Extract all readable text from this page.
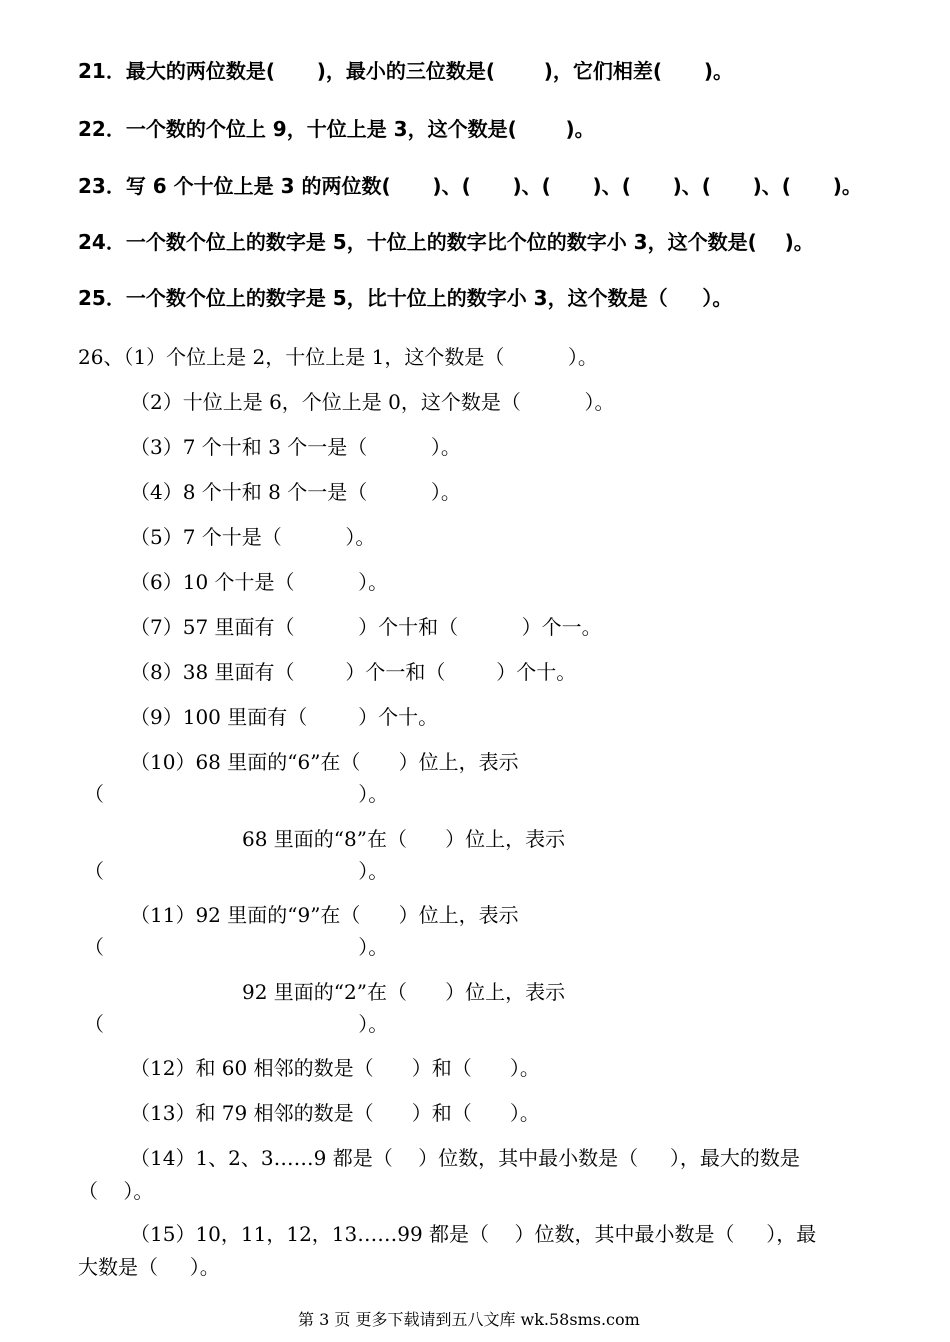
21．最大的两位数是(      )，最小的三位数是(       )，它们相差(      )。
22．一个数的个位上 9，十位上是 3，这个数是(       )。
23．写 6 个十位上是 3 的两位数(      )、(      )、(      )、(      )、(      )、(      )。
24．一个数个位上的数字是 5，十位上的数字比个位的数字小 3，这个数是(    )。
25．一个数个位上的数字是 5，比十位上的数字小 3，这个数是（     ）。
26、（1）个位上是 2，十位上是 1，这个数是（          ）。
（2）十位上是 6，个位上是 0，这个数是（          ）。
（3）7 个十和 3 个一是（          ）。
（4）8 个十和 8 个一是（          ）。
（5）7 个十是（          ）。
（6）10 个十是（          ）。
（7）57 里面有（          ）个十和（          ）个一。
（8）38 里面有（        ）个一和（        ）个十。
（9）100 里面有（        ）个十。
（10）68 里面的“6”在（      ）位上，表示
（                                        ）。
68 里面的“8”在（      ）位上，表示
（                                        ）。
（11）92 里面的“9”在（      ）位上，表示
（                                        ）。
92 里面的“2”在（      ）位上，表示
（                                        ）。
（12）和 60 相邻的数是（      ）和（      ）。
（13）和 79 相邻的数是（      ）和（      ）。
（14）1、2、3……9 都是（    ）位数，其中最小数是（     ），最大的数是
（    ）。
（15）10，11，12，13……99 都是（    ）位数，其中最小数是（     ），最
大数是（     ）。
第 3 页 更多下载请到五八文库 wk.58sms.com
